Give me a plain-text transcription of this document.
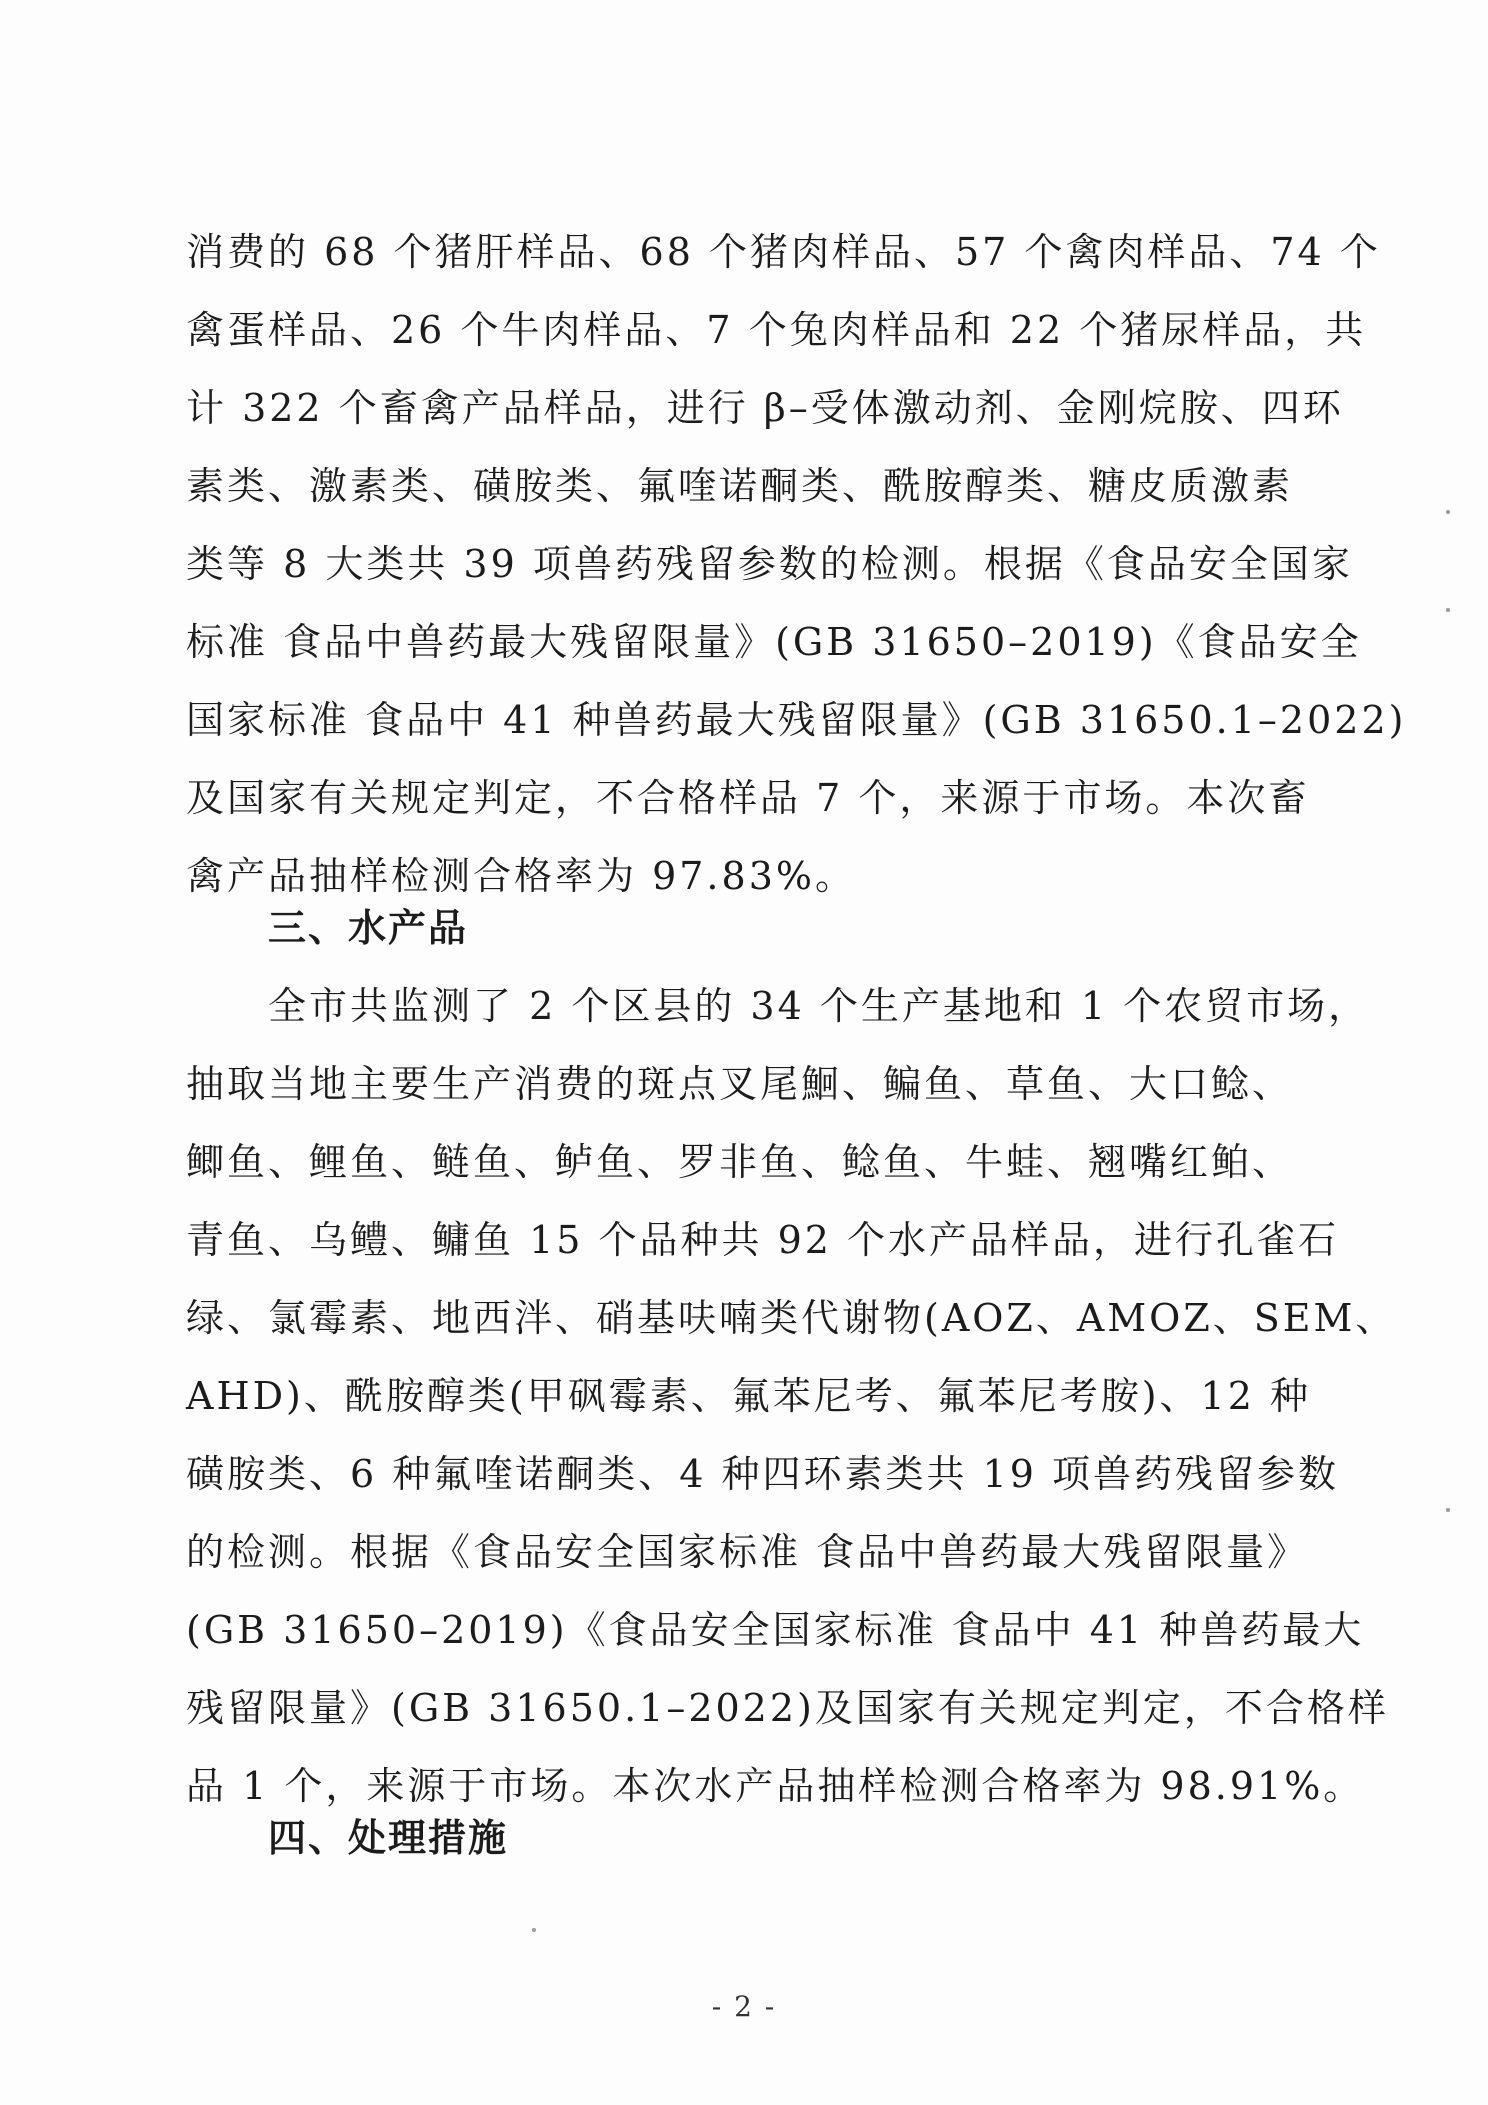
消费的 68 个猪肝样品、68 个猪肉样品、57 个禽肉样品、74 个
禽蛋样品、26 个牛肉样品、7 个兔肉样品和 22 个猪尿样品，共
计 322 个畜禽产品样品，进行 β–受体激动剂、金刚烷胺、四环
素类、激素类、磺胺类、氟喹诺酮类、酰胺醇类、糖皮质激素
类等 8 大类共 39 项兽药残留参数的检测。根据《食品安全国家
标准 食品中兽药最大残留限量》(GB 31650–2019)《食品安全
国家标准 食品中 41 种兽药最大残留限量》(GB 31650.1–2022)
及国家有关规定判定，不合格样品 7 个，来源于市场。本次畜
禽产品抽样检测合格率为 97.83%。
三、水产品
全市共监测了 2 个区县的 34 个生产基地和 1 个农贸市场，
抽取当地主要生产消费的斑点叉尾鮰、鳊鱼、草鱼、大口鲶、
鲫鱼、鲤鱼、鲢鱼、鲈鱼、罗非鱼、鲶鱼、牛蛙、翘嘴红鲌、
青鱼、乌鳢、鳙鱼 15 个品种共 92 个水产品样品，进行孔雀石
绿、氯霉素、地西泮、硝基呋喃类代谢物(AOZ、AMOZ、SEM、
AHD)、酰胺醇类(甲砜霉素、氟苯尼考、氟苯尼考胺)、12 种
磺胺类、6 种氟喹诺酮类、4 种四环素类共 19 项兽药残留参数
的检测。根据《食品安全国家标准 食品中兽药最大残留限量》
(GB 31650–2019)《食品安全国家标准 食品中 41 种兽药最大
残留限量》(GB 31650.1–2022)及国家有关规定判定，不合格样
品 1 个，来源于市场。本次水产品抽样检测合格率为 98.91%。
四、处理措施
- 2 -
